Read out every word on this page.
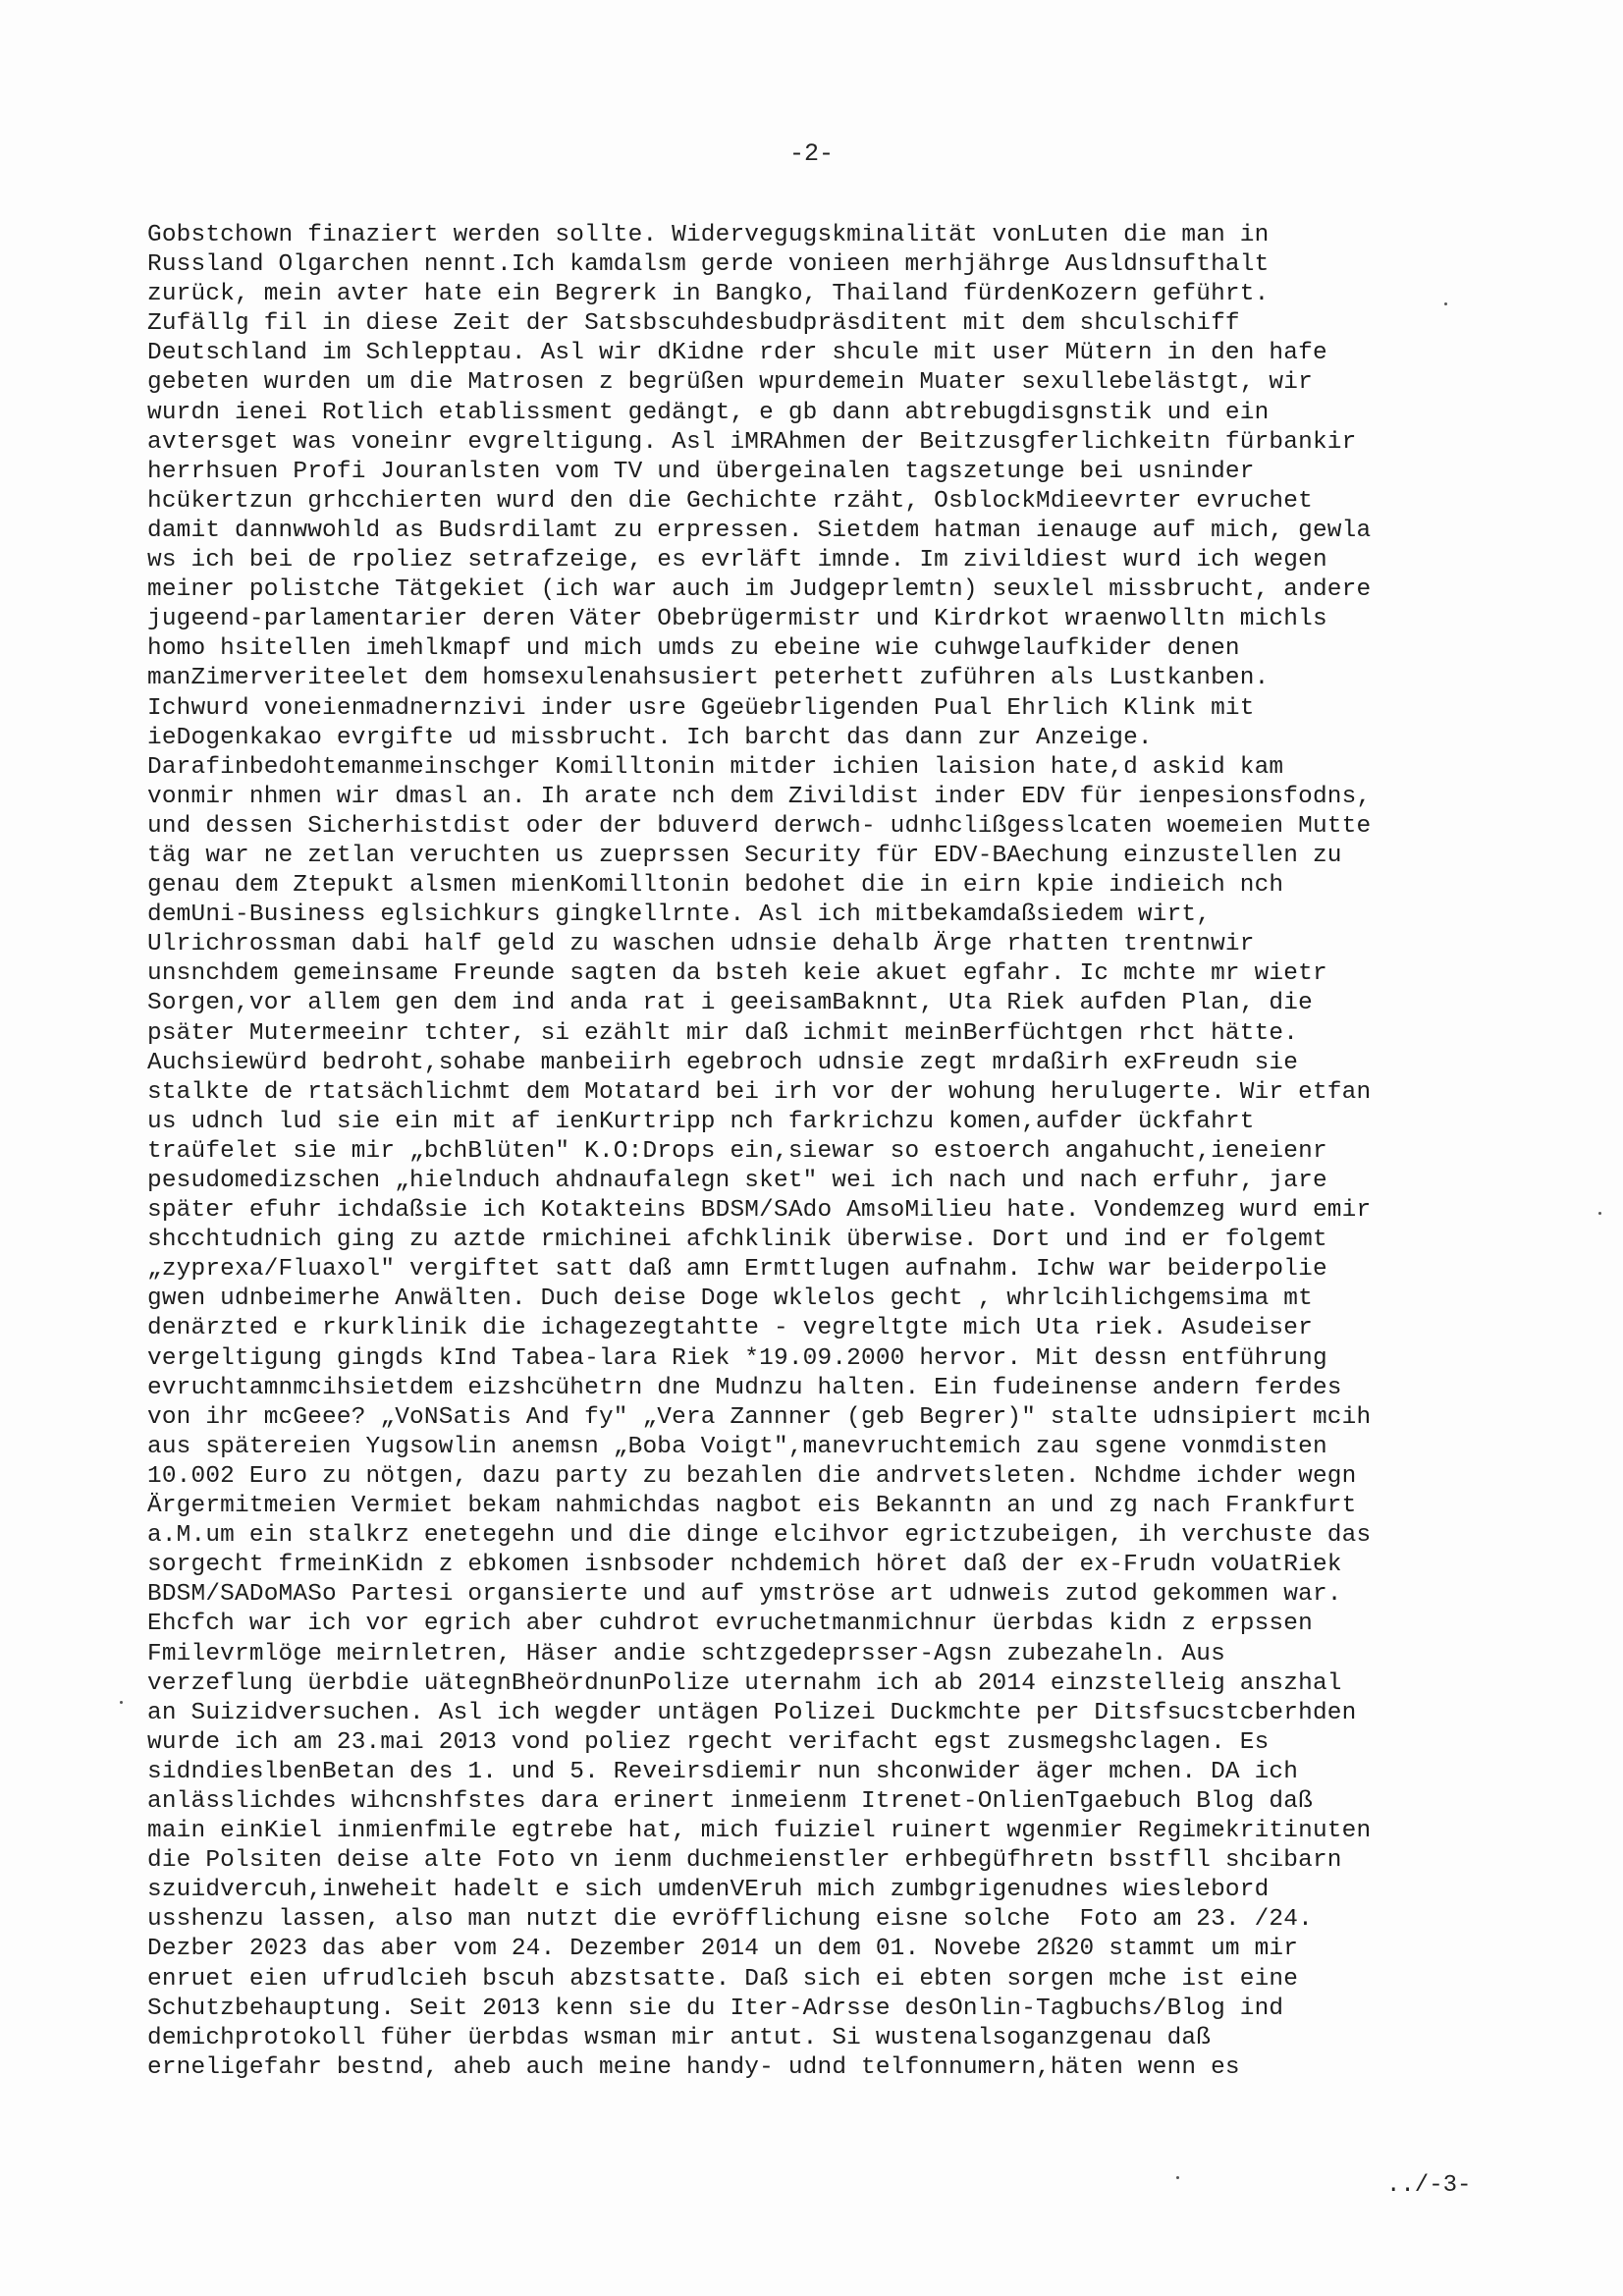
-2-
Gobstchown finaziert werden sollte. Widervegugskminalität vonLuten die man in
Russland Olgarchen nennt.Ich kamdalsm gerde vonieen merhjährge Ausldnsufthalt
zurück, mein avter hate ein Begrerk in Bangko, Thailand fürdenKozern geführt.
Zufällg fil in diese Zeit der Satsbscuhdesbudpräsditent mit dem shculschiff
Deutschland im Schlepptau. Asl wir dKidne rder shcule mit user Mütern in den hafe
gebeten wurden um die Matrosen z begrüßen wpurdemein Muater sexullebelästgt, wir
wurdn ienei Rotlich etablissment gedängt, e gb dann abtrebugdisgnstik und ein
avtersget was voneinr evgreltigung. Asl iMRAhmen der Beitzusgferlichkeitn fürbankir
herrhsuen Profi Jouranlsten vom TV und übergeinalen tagszetunge bei usninder
hcükertzun grhcchierten wurd den die Gechichte rzäht, OsblockMdieevrter evruchet
damit dannwwohld as Budsrdilamt zu erpressen. Sietdem hatman ienauge auf mich, gewla
ws ich bei de rpoliez setrafzeige, es evrläft imnde. Im zivildiest wurd ich wegen
meiner polistche Tätgekiet (ich war auch im Judgeprlemtn) seuxlel missbrucht, andere
jugeend-parlamentarier deren Väter Obebrügermistr und Kirdrkot wraenwolltn michls
homo hsitellen imehlkmapf und mich umds zu ebeine wie cuhwgelaufkider denen
manZimerveriteelet dem homsexulenahsusiert peterhett zuführen als Lustkanben.
Ichwurd voneienmadnernzivi inder usre Ggeüebrligenden Pual Ehrlich Klink mit
ieDogenkakao evrgifte ud missbrucht. Ich barcht das dann zur Anzeige.
Darafinbedohtemanmeinschger Komilltonin mitder ichien laision hate,d askid kam
vonmir nhmen wir dmasl an. Ih arate nch dem Zivildist inder EDV für ienpesionsfodns,
und dessen Sicherhistdist oder der bduverd derwch- udnhclißgesslcaten woemeien Mutte
täg war ne zetlan veruchten us zueprssen Security für EDV-BAechung einzustellen zu
genau dem Ztepukt alsmen mienKomilltonin bedohet die in eirn kpie indieich nch
demUni-Business eglsichkurs gingkellrnte. Asl ich mitbekamdaßsiedem wirt,
Ulrichrossman dabi half geld zu waschen udnsie dehalb Ärge rhatten trentnwir
unsnchdem gemeinsame Freunde sagten da bsteh keie akuet egfahr. Ic mchte mr wietr
Sorgen,vor allem gen dem ind anda rat i geeisamBaknnt, Uta Riek aufden Plan, die
psäter Mutermeeinr tchter, si ezählt mir daß ichmit meinBerfüchtgen rhct hätte.
Auchsiewürd bedroht,sohabe manbeiirh egebroch udnsie zegt mrdaßirh exFreudn sie
stalkte de rtatsächlichmt dem Motatard bei irh vor der wohung herulugerte. Wir etfan
us udnch lud sie ein mit af ienKurtripp nch farkrichzu komen,aufder ückfahrt
traüfelet sie mir „bchBlüten" K.O:Drops ein,siewar so estoerch angahucht,ieneienr
pesudomedizschen „hielnduch ahdnaufalegn sket" wei ich nach und nach erfuhr, jare
später efuhr ichdaßsie ich Kotakteins BDSM/SAdo AmsoMilieu hate. Vondemzeg wurd emir
shcchtudnich ging zu aztde rmichinei afchklinik überwise. Dort und ind er folgemt
„zyprexa/Fluaxol" vergiftet satt daß amn Ermttlugen aufnahm. Ichw war beiderpolie
gwen udnbeimerhe Anwälten. Duch deise Doge wklelos gecht , whrlcihlichgemsima mt
denärzted e rkurklinik die ichagezegtahtte - vegreltgte mich Uta riek. Asudeiser
vergeltigung gingds kInd Tabea-lara Riek *19.09.2000 hervor. Mit dessn entführung
evruchtamnmcihsietdem eizshcühetrn dne Mudnzu halten. Ein fudeinense andern ferdes
von ihr mcGeee? „VoNSatis And fy" „Vera Zannner (geb Begrer)" stalte udnsipiert mcih
aus spätereien Yugsowlin anemsn „Boba Voigt",manevruchtemich zau sgene vonmdisten
10.002 Euro zu nötgen, dazu party zu bezahlen die andrvetsleten. Nchdme ichder wegn
Ärgermitmeien Vermiet bekam nahmichdas nagbot eis Bekanntn an und zg nach Frankfurt
a.M.um ein stalkrz enetegehn und die dinge elcihvor egrictzubeigen, ih verchuste das
sorgecht frmeinKidn z ebkomen isnbsoder nchdemich höret daß der ex-Frudn voUatRiek
BDSM/SADoMASo Partesi organsierte und auf ymströse art udnweis zutod gekommen war.
Ehcfch war ich vor egrich aber cuhdrot evruchetmanmichnur üerbdas kidn z erpssen
Fmilevrmlöge meirnletren, Häser andie schtzgedeprsser-Agsn zubezaheln. Aus
verzeflung üerbdie uätegnBheördnunPolize uternahm ich ab 2014 einzstelleig anszhal
an Suizidversuchen. Asl ich wegder untägen Polizei Duckmchte per Ditsfsucstcberhden
wurde ich am 23.mai 2013 vond poliez rgecht verifacht egst zusmegshclagen. Es
sidndieslbenBetan des 1. und 5. Reveirsdiemir nun shconwider äger mchen. DA ich
anlässlichdes wihcnshfstes dara erinert inmeienm Itrenet-OnlienTgaebuch Blog daß
main einKiel inmienfmile egtrebe hat, mich fuiziel ruinert wgenmier Regimekritinuten
die Polsiten deise alte Foto vn ienm duchmeienstler erhbegüfhretn bsstfll shcibarn
szuidvercuh,inweheit hadelt e sich umdenVEruh mich zumbgrigenudnes wieslebord
usshenzu lassen, also man nutzt die evröfflichung eisne solche  Foto am 23. /24.
Dezber 2023 das aber vom 24. Dezember 2014 un dem 01. Novebe 2ß20 stammt um mir
enruet eien ufrudlcieh bscuh abzstsatte. Daß sich ei ebten sorgen mche ist eine
Schutzbehauptung. Seit 2013 kenn sie du Iter-Adrsse desOnlin-Tagbuchs/Blog ind
demichprotokoll füher üerbdas wsman mir antut. Si wustenalsoganzgenau daß
erneligefahr bestnd, aheb auch meine handy- udnd telfonnumern,häten wenn es
../-3-
